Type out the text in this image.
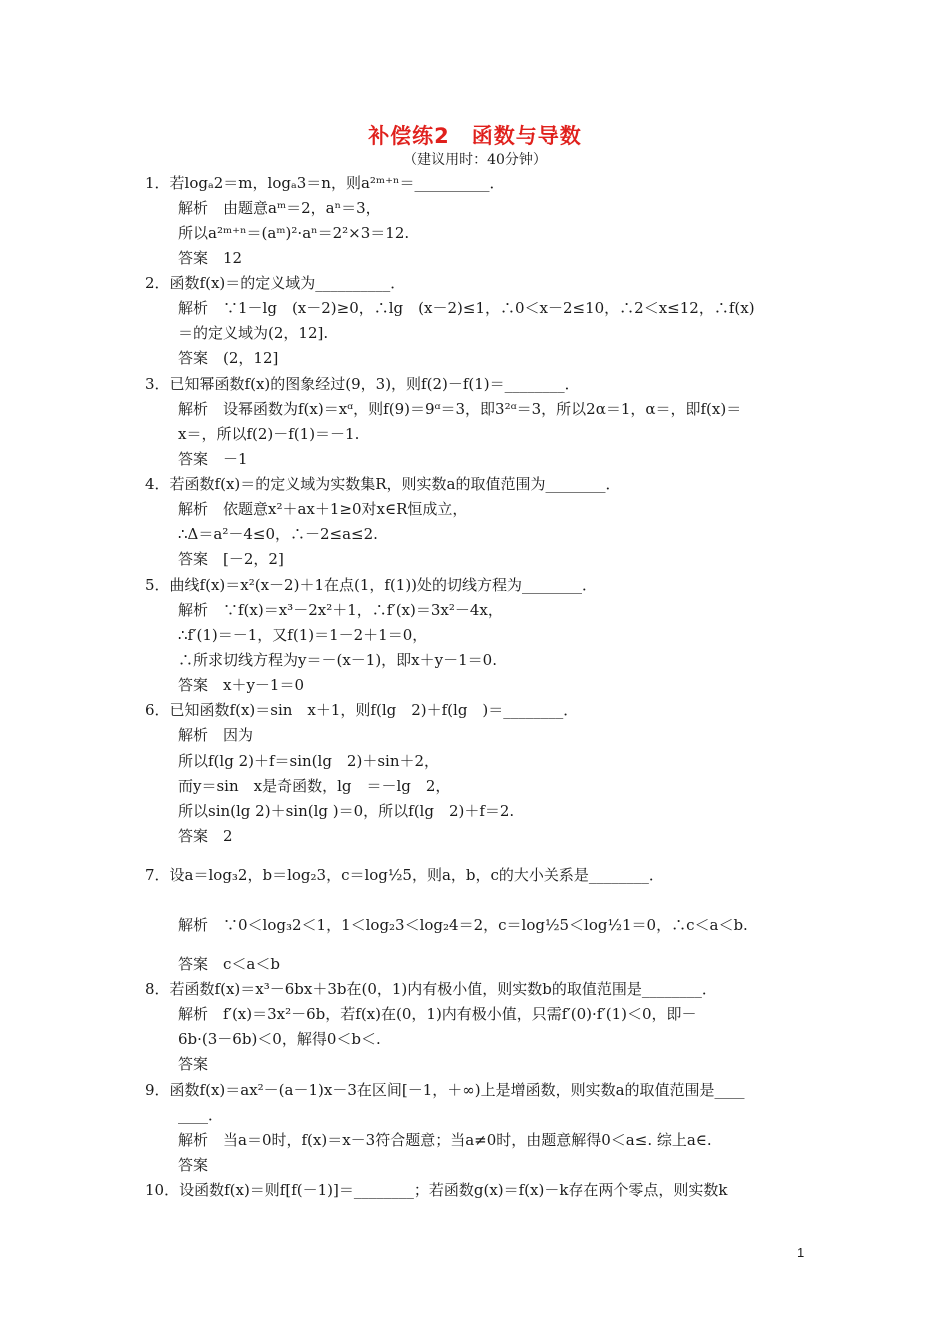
补偿练2　函数与导数
（建议用时：40分钟）
1．若logₐ2＝m，logₐ3＝n，则a²ᵐ⁺ⁿ＝__________．
解析　由题意aᵐ＝2，aⁿ＝3，
所以a²ᵐ⁺ⁿ＝(aᵐ)²·aⁿ＝2²×3＝12.
答案　12
2．函数f(x)＝的定义域为__________．
解析　∵1－lg　(x－2)≥0，∴lg　(x－2)≤1，∴0＜x－2≤10，∴2＜x≤12，∴f(x)
＝的定义域为(2，12].
答案　(2，12]
3．已知幂函数f(x)的图象经过(9，3)，则f(2)－f(1)＝________．
解析　设幂函数为f(x)＝xᵅ，则f(9)＝9ᵅ＝3，即3²ᵅ＝3，所以2α＝1，α＝，即f(x)＝
x＝，所以f(2)－f(1)＝－1.
答案　－1
4．若函数f(x)＝的定义域为实数集R，则实数a的取值范围为________．
解析　依题意x²＋ax＋1≥0对x∈R恒成立，
∴Δ＝a²－4≤0，∴－2≤a≤2.
答案　[－2，2]
5．曲线f(x)＝x²(x－2)＋1在点(1，f(1))处的切线方程为________．
解析　∵f(x)＝x³－2x²＋1，∴f′(x)＝3x²－4x，
∴f′(1)＝－1，又f(1)＝1－2＋1＝0，
∴所求切线方程为y＝－(x－1)，即x＋y－1＝0.
答案　x＋y－1＝0
6．已知函数f(x)＝sin　x＋1，则f(lg　2)＋f(lg　)＝________．
解析　因为
所以f(lg 2)＋f＝sin(lg　2)＋sin＋2，
而y＝sin　x是奇函数，lg　＝－lg　2，
所以sin(lg 2)＋sin(lg )＝0，所以f(lg　2)＋f＝2.
答案　2
7．设a＝log₃2，b＝log₂3，c＝log½5，则a，b，c的大小关系是________．
解析　∵0＜log₃2＜1，1＜log₂3＜log₂4＝2，c＝log½5＜log½1＝0，∴c＜a＜b.
答案　c＜a＜b
8．若函数f(x)＝x³－6bx＋3b在(0，1)内有极小值，则实数b的取值范围是________．
解析　f′(x)＝3x²－6b，若f(x)在(0，1)内有极小值，只需f′(0)·f′(1)＜0，即－
6b·(3－6b)＜0，解得0＜b＜.
答案
9．函数f(x)＝ax²－(a－1)x－3在区间[－1，＋∞)上是增函数，则实数a的取值范围是____
____．
解析　当a＝0时，f(x)＝x－3符合题意；当a≠0时，由题意解得0＜a≤. 综上a∈.
答案
10．设函数f(x)＝则f[f(－1)]＝________；若函数g(x)＝f(x)－k存在两个零点，则实数k
1
